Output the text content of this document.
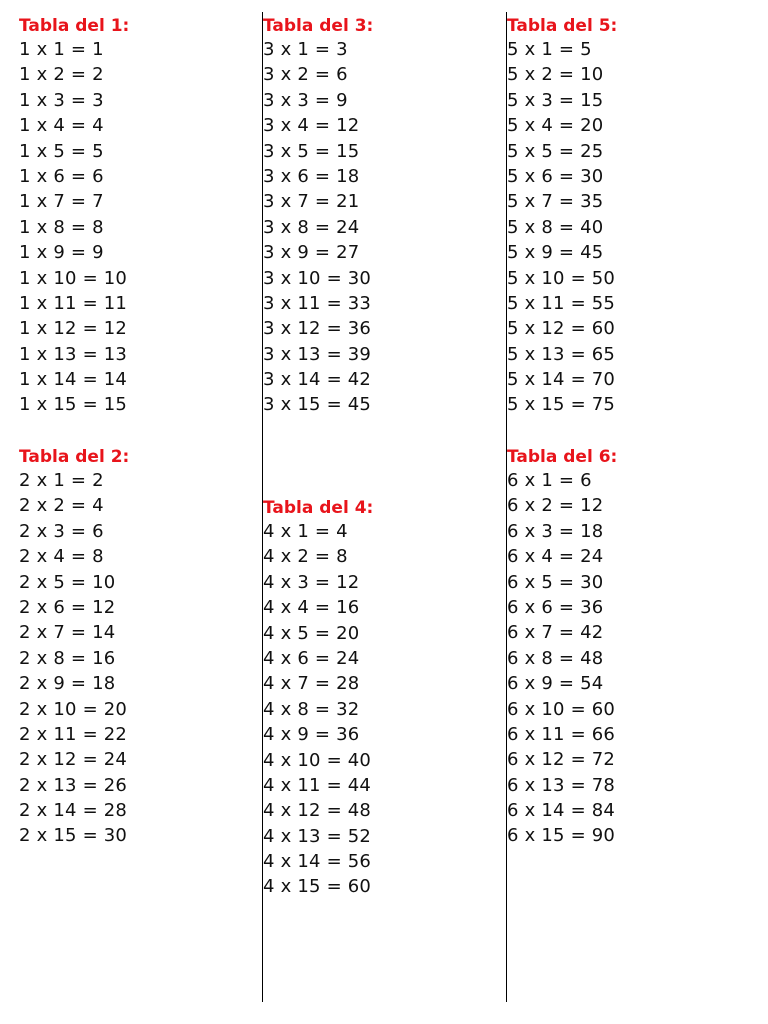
Tabla del 1:
1 x 1 = 1
1 x 2 = 2
1 x 3 = 3
1 x 4 = 4
1 x 5 = 5
1 x 6 = 6
1 x 7 = 7
1 x 8 = 8
1 x 9 = 9
1 x 10 = 10
1 x 11 = 11
1 x 12 = 12
1 x 13 = 13
1 x 14 = 14
1 x 15 = 15
Tabla del 2:
2 x 1 = 2
2 x 2 = 4
2 x 3 = 6
2 x 4 = 8
2 x 5 = 10
2 x 6 = 12
2 x 7 = 14
2 x 8 = 16
2 x 9 = 18
2 x 10 = 20
2 x 11 = 22
2 x 12 = 24
2 x 13 = 26
2 x 14 = 28
2 x 15 = 30
Tabla del 3:
3 x 1 = 3
3 x 2 = 6
3 x 3 = 9
3 x 4 = 12
3 x 5 = 15
3 x 6 = 18
3 x 7 = 21
3 x 8 = 24
3 x 9 = 27
3 x 10 = 30
3 x 11 = 33
3 x 12 = 36
3 x 13 = 39
3 x 14 = 42
3 x 15 = 45
Tabla del 4:
4 x 1 = 4
4 x 2 = 8
4 x 3 = 12
4 x 4 = 16
4 x 5 = 20
4 x 6 = 24
4 x 7 = 28
4 x 8 = 32
4 x 9 = 36
4 x 10 = 40
4 x 11 = 44
4 x 12 = 48
4 x 13 = 52
4 x 14 = 56
4 x 15 = 60
Tabla del 5:
5 x 1 = 5
5 x 2 = 10
5 x 3 = 15
5 x 4 = 20
5 x 5 = 25
5 x 6 = 30
5 x 7 = 35
5 x 8 = 40
5 x 9 = 45
5 x 10 = 50
5 x 11 = 55
5 x 12 = 60
5 x 13 = 65
5 x 14 = 70
5 x 15 = 75
Tabla del 6:
6 x 1 = 6
6 x 2 = 12
6 x 3 = 18
6 x 4 = 24
6 x 5 = 30
6 x 6 = 36
6 x 7 = 42
6 x 8 = 48
6 x 9 = 54
6 x 10 = 60
6 x 11 = 66
6 x 12 = 72
6 x 13 = 78
6 x 14 = 84
6 x 15 = 90
